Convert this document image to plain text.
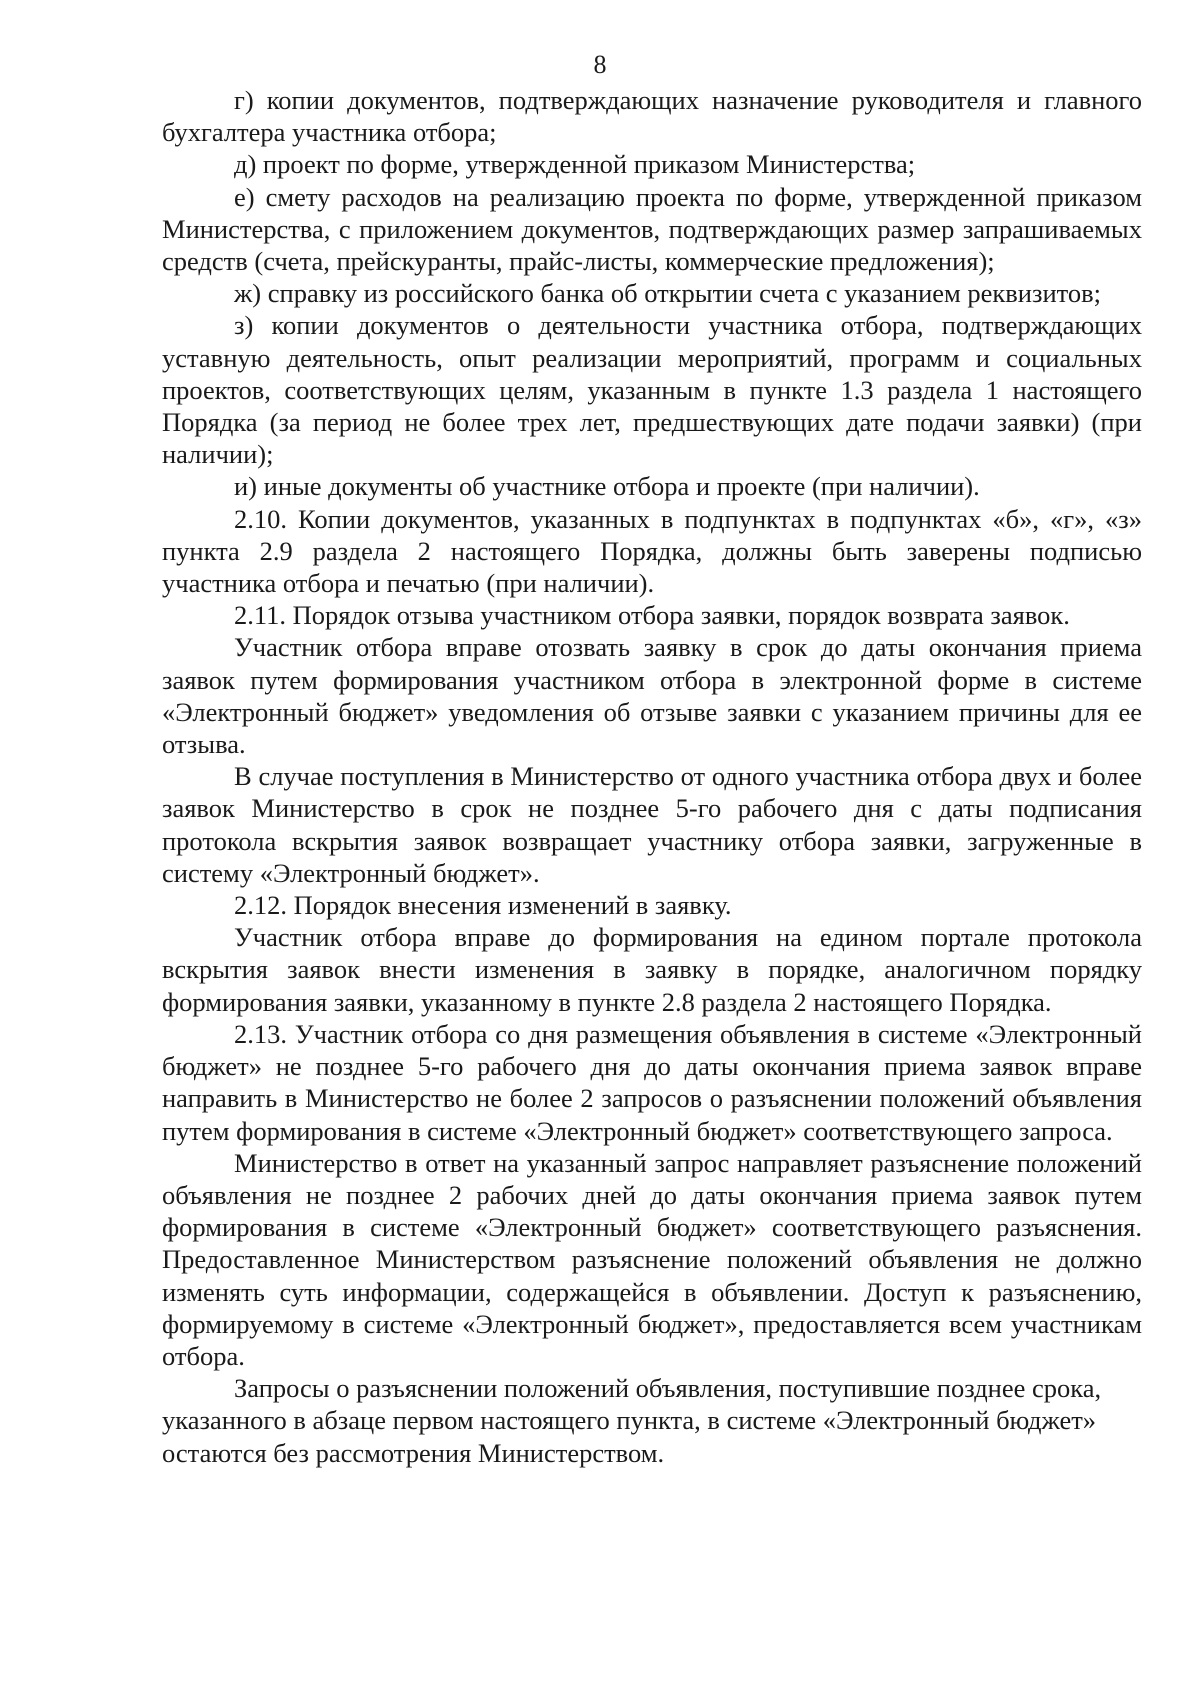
8

г) копии документов, подтверждающих назначение руководителя и главного бухгалтера участника отбора;

д) проект по форме, утвержденной приказом Министерства;

е) смету расходов на реализацию проекта по форме, утвержденной приказом Министерства, с приложением документов, подтверждающих размер запрашиваемых средств (счета, прейскуранты, прайс-листы, коммерческие предложения);

ж) справку из российского банка об открытии счета с указанием реквизитов;

з) копии документов о деятельности участника отбора, подтверждающих уставную деятельность, опыт реализации мероприятий, программ и социальных проектов, соответствующих целям, указанным в пункте 1.3 раздела 1 настоящего Порядка (за период не более трех лет, предшествующих дате подачи заявки) (при наличии);

и) иные документы об участнике отбора и проекте (при наличии).

2.10. Копии документов, указанных в подпунктах в подпунктах «б», «г», «з» пункта 2.9 раздела 2 настоящего Порядка, должны быть заверены подписью участника отбора и печатью (при наличии).

2.11. Порядок отзыва участником отбора заявки, порядок возврата заявок.

Участник отбора вправе отозвать заявку в срок до даты окончания приема заявок путем формирования участником отбора в электронной форме в системе «Электронный бюджет» уведомления об отзыве заявки с указанием причины для ее отзыва.

В случае поступления в Министерство от одного участника отбора двух и более заявок Министерство в срок не позднее 5-го рабочего дня с даты подписания протокола вскрытия заявок возвращает участнику отбора заявки, загруженные в систему «Электронный бюджет».

2.12. Порядок внесения изменений в заявку.

Участник отбора вправе до формирования на едином портале протокола вскрытия заявок внести изменения в заявку в порядке, аналогичном порядку формирования заявки, указанному в пункте 2.8 раздела 2 настоящего Порядка.

2.13. Участник отбора со дня размещения объявления в системе «Электронный бюджет» не позднее 5-го рабочего дня до даты окончания приема заявок вправе направить в Министерство не более 2 запросов о разъяснении положений объявления путем формирования в системе «Электронный бюджет» соответствующего запроса.

Министерство в ответ на указанный запрос направляет разъяснение положений объявления не позднее 2 рабочих дней до даты окончания приема заявок путем формирования в системе «Электронный бюджет» соответствующего разъяснения. Предоставленное Министерством разъяснение положений объявления не должно изменять суть информации, содержащейся в объявлении. Доступ к разъяснению, формируемому в системе «Электронный бюджет», предоставляется всем участникам отбора.

Запросы о разъяснении положений объявления, поступившие позднее срока, указанного в абзаце первом настоящего пункта, в системе «Электронный бюджет» остаются без рассмотрения Министерством.
